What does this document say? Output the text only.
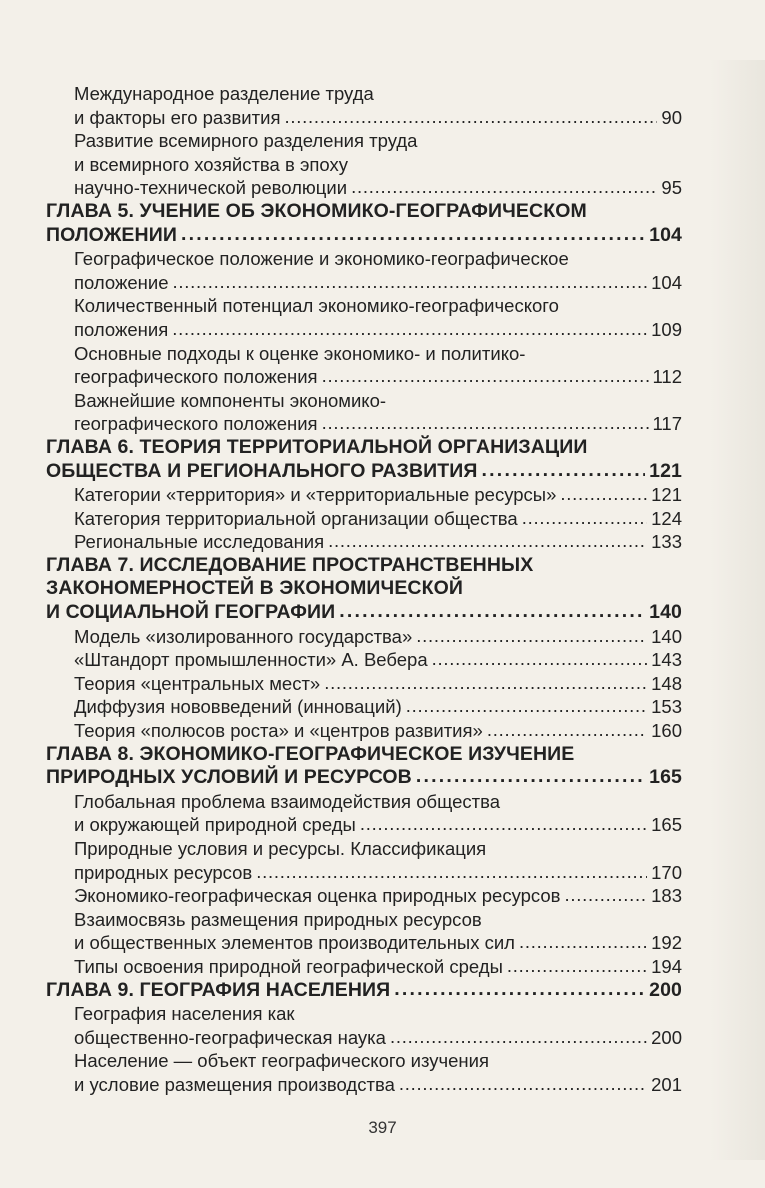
Международное разделение труда
и факторы его развития . . .	90
Развитие всемирного разделения труда
и всемирного хозяйства в эпоху
научно-технической революции . . .	95
ГЛАВА 5. УЧЕНИЕ ОБ ЭКОНОМИКО-ГЕОГРАФИЧЕСКОМ
ПОЛОЖЕНИИ . . .	104
Географическое положение и экономико-географическое
положение . . .	104
Количественный потенциал экономико-географического
положения . . .	109
Основные подходы к оценке экономико- и политико-
географического положения . . .	112
Важнейшие компоненты экономико-
географического положения . . .	117
ГЛАВА 6. ТЕОРИЯ ТЕРРИТОРИАЛЬНОЙ ОРГАНИЗАЦИИ
ОБЩЕСТВА И РЕГИОНАЛЬНОГО РАЗВИТИЯ . . .	121
Категории «территория» и «территориальные ресурсы» . . .	121
Категория территориальной организации общества . . .	124
Региональные исследования . . .	133
ГЛАВА 7. ИССЛЕДОВАНИЕ ПРОСТРАНСТВЕННЫХ
ЗАКОНОМЕРНОСТЕЙ В ЭКОНОМИЧЕСКОЙ
И СОЦИАЛЬНОЙ ГЕОГРАФИИ . . .	140
Модель «изолированного государства» . . .	140
«Штандорт промышленности» А. Вебера . . .	143
Теория «центральных мест» . . .	148
Диффузия нововведений (инноваций) . . .	153
Теория «полюсов роста» и «центров развития» . . .	160
ГЛАВА 8. ЭКОНОМИКО-ГЕОГРАФИЧЕСКОЕ ИЗУЧЕНИЕ
ПРИРОДНЫХ УСЛОВИЙ И РЕСУРСОВ . . .	165
Глобальная проблема взаимодействия общества
и окружающей природной среды . . .	165
Природные условия и ресурсы. Классификация
природных ресурсов . . .	170
Экономико-географическая оценка природных ресурсов . . .	183
Взаимосвязь размещения природных ресурсов
и общественных элементов производительных сил . . .	192
Типы освоения природной географической среды . . .	194
ГЛАВА 9. ГЕОГРАФИЯ НАСЕЛЕНИЯ . . .	200
География населения как
общественно-географическая наука . . .	200
Население — объект географического изучения
и условие размещения производства . . .	201
397
